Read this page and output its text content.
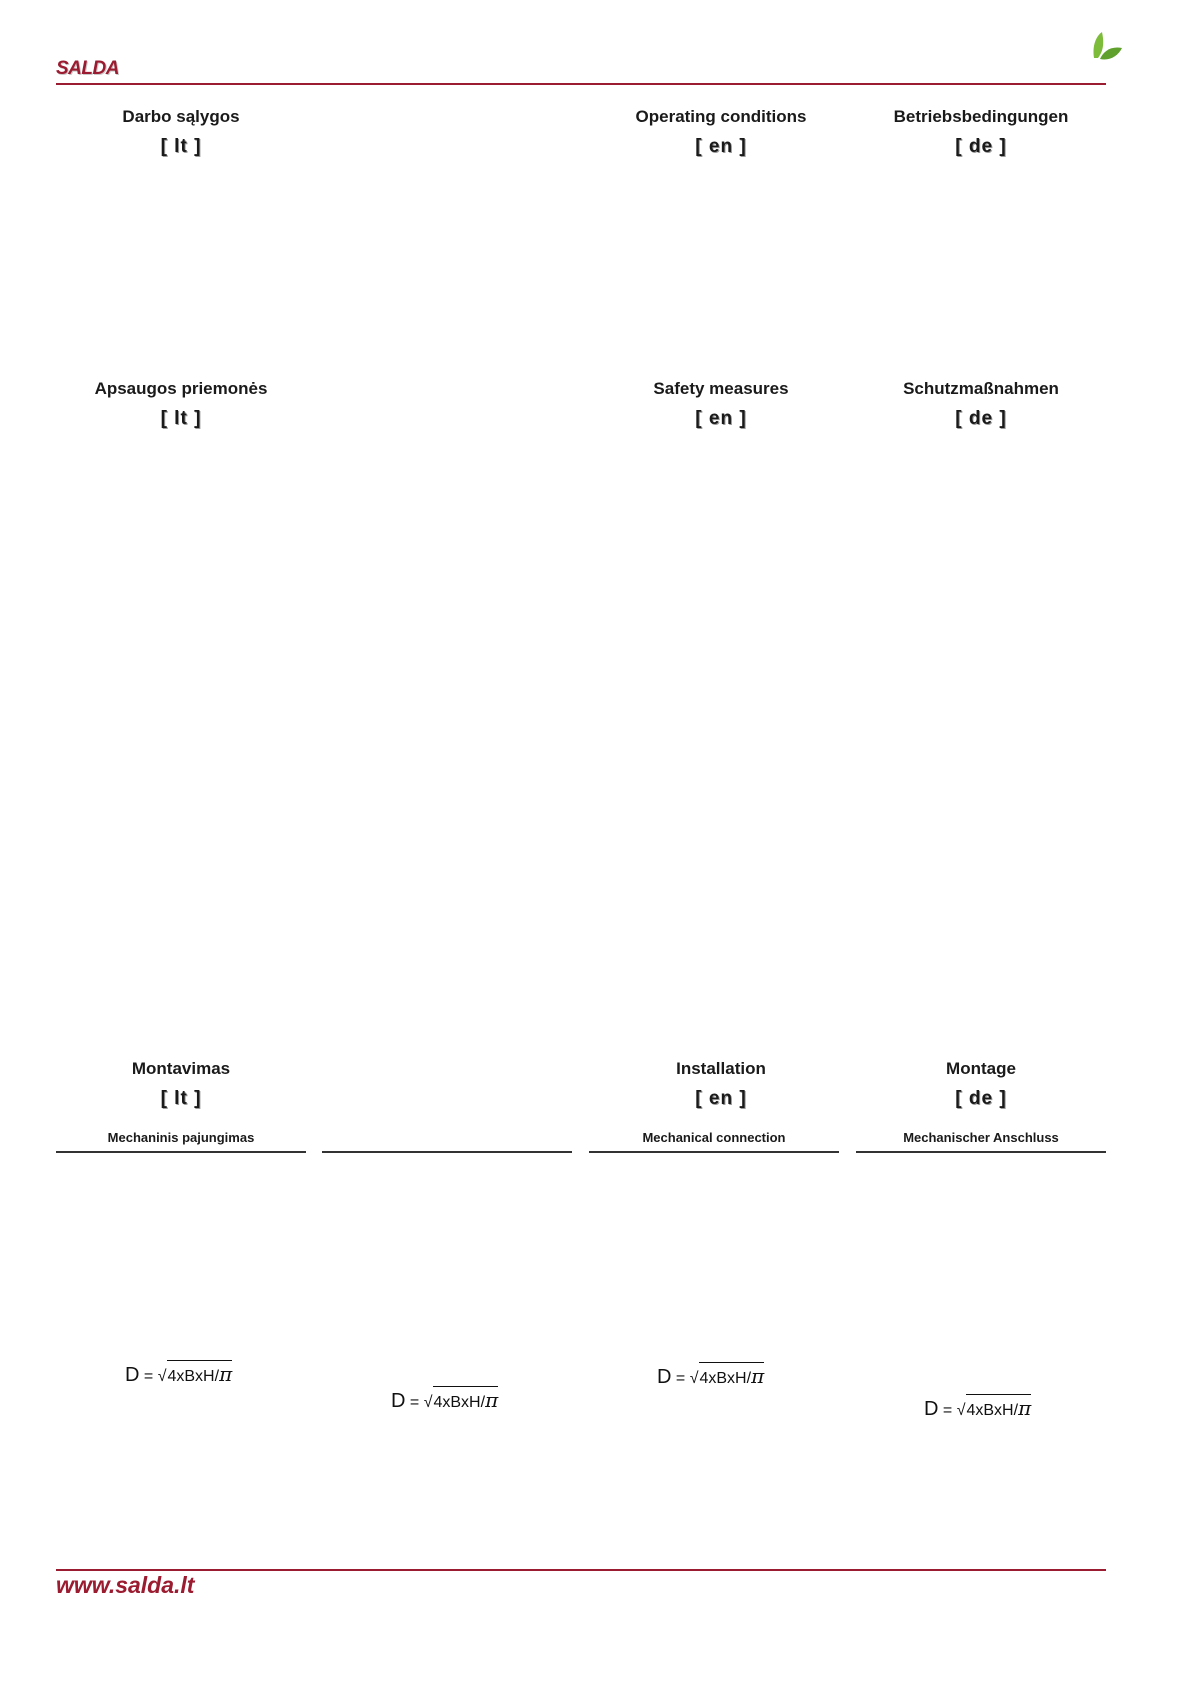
SALDA
Darbo sąlygos
[ lt ]
Operating conditions
[ en ]
Betriebsbedingungen
[ de ]
Apsaugos priemonės
[ lt ]
Safety measures
[ en ]
Schutzmaßnahmen
[ de ]
Montavimas
[ lt ]
Installation
[ en ]
Montage
[ de ]
Mechaninis pajungimas	Mechanical connection	Mechanischer Anschluss
D = √4xBxH/π
D = √4xBxH/π
D = √4xBxH/π
D = √4xBxH/π
www.salda.lt
